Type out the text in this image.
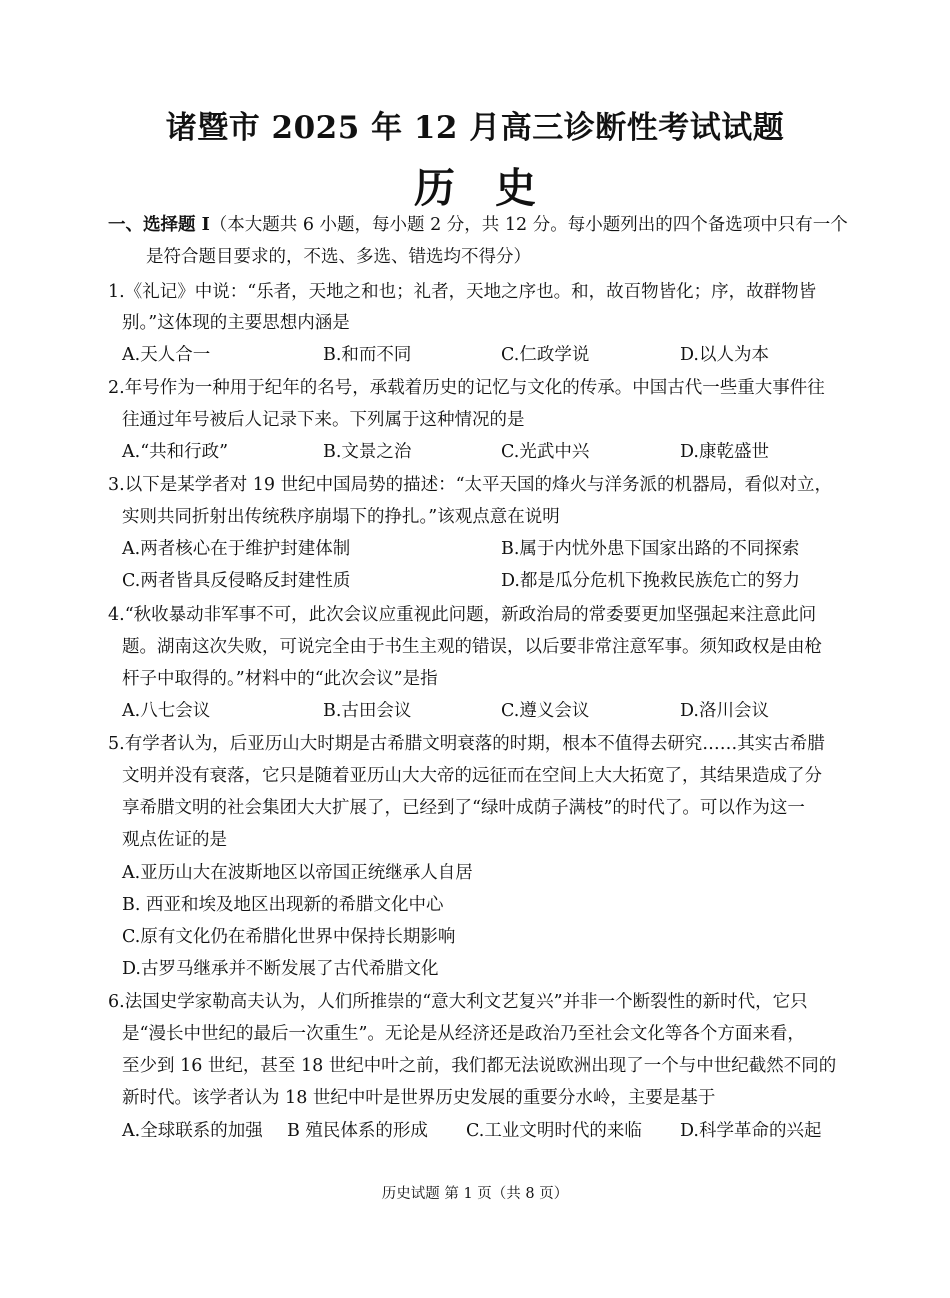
诸暨市 2025 年 12 月高三诊断性考试试题
历史
一、选择题 I（本大题共 6 小题，每小题 2 分，共 12 分。每小题列出的四个备选项中只有一个
是符合题目要求的，不选、多选、错选均不得分）
1.《礼记》中说：“乐者，天地之和也；礼者，天地之序也。和，故百物皆化；序，故群物皆
别。”这体现的主要思想内涵是
A.天人合一	B.和而不同	C.仁政学说	D.以人为本
2.年号作为一种用于纪年的名号，承载着历史的记忆与文化的传承。中国古代一些重大事件往
往通过年号被后人记录下来。下列属于这种情况的是
A.“共和行政”	B.文景之治	C.光武中兴	D.康乾盛世
3.以下是某学者对 19 世纪中国局势的描述：“太平天国的烽火与洋务派的机器局，看似对立，
实则共同折射出传统秩序崩塌下的挣扎。”该观点意在说明
A.两者核心在于维护封建体制	B.属于内忧外患下国家出路的不同探索
C.两者皆具反侵略反封建性质	D.都是瓜分危机下挽救民族危亡的努力
4.“秋收暴动非军事不可，此次会议应重视此问题，新政治局的常委要更加坚强起来注意此问
题。湖南这次失败，可说完全由于书生主观的错误，以后要非常注意军事。须知政权是由枪
杆子中取得的。”材料中的“此次会议”是指
A.八七会议	B.古田会议	C.遵义会议	D.洛川会议
5.有学者认为，后亚历山大时期是古希腊文明衰落的时期，根本不值得去研究……其实古希腊
文明并没有衰落，它只是随着亚历山大大帝的远征而在空间上大大拓宽了，其结果造成了分
享希腊文明的社会集团大大扩展了，已经到了“绿叶成荫子满枝”的时代了。可以作为这一
观点佐证的是
A.亚历山大在波斯地区以帝国正统继承人自居
B. 西亚和埃及地区出现新的希腊文化中心
C.原有文化仍在希腊化世界中保持长期影响
D.古罗马继承并不断发展了古代希腊文化
6.法国史学家勒高夫认为，人们所推崇的“意大利文艺复兴”并非一个断裂性的新时代，它只
是“漫长中世纪的最后一次重生”。无论是从经济还是政治乃至社会文化等各个方面来看，
至少到 16 世纪，甚至 18 世纪中叶之前，我们都无法说欧洲出现了一个与中世纪截然不同的
新时代。该学者认为 18 世纪中叶是世界历史发展的重要分水岭，主要是基于
A.全球联系的加强 B 殖民体系的形成 C.工业文明时代的来临 D.科学革命的兴起
历史试题 第 1 页（共 8 页）
